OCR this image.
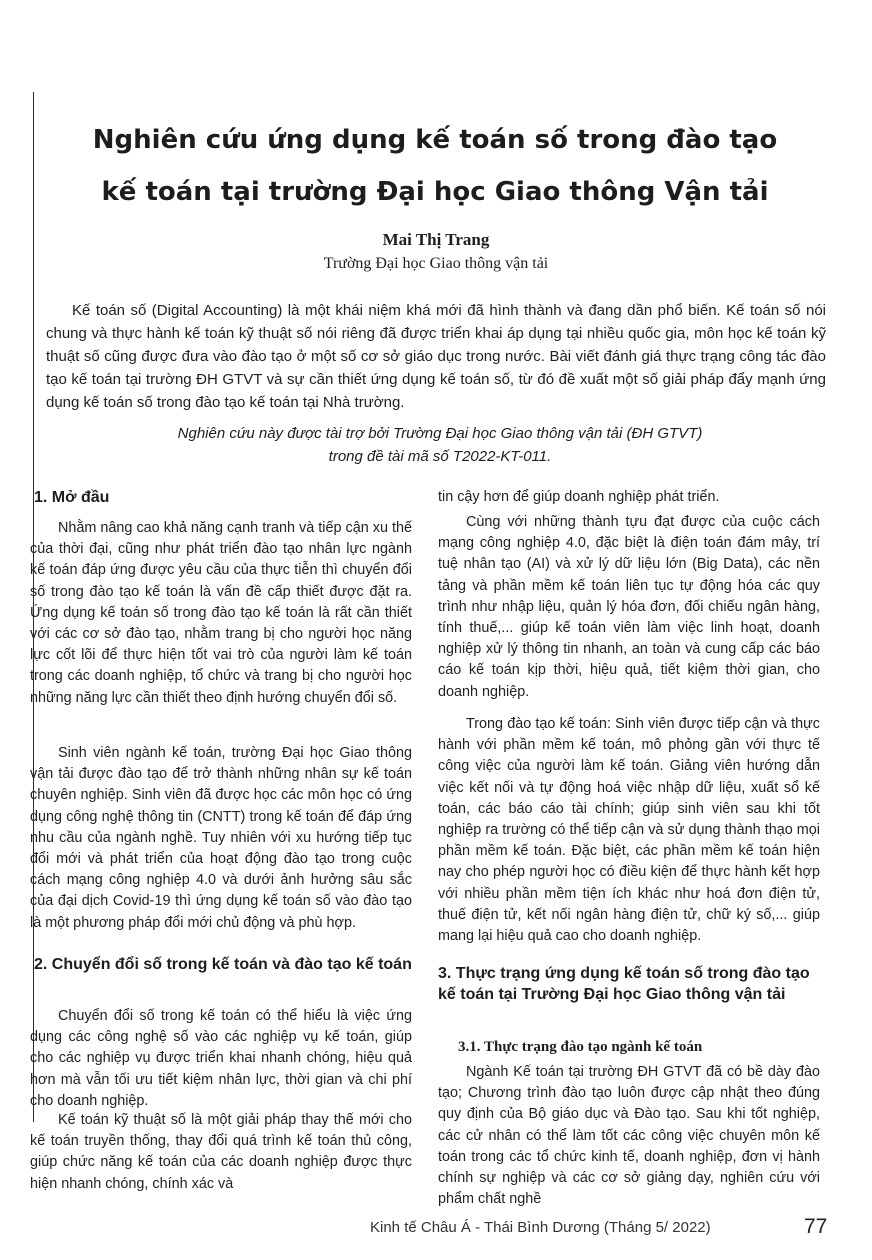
Nghiên cứu ứng dụng kế toán số trong đào tạo
kế toán tại trường Đại học Giao thông Vận tải
Mai Thị Trang
Trường Đại học Giao thông vận tải

Kế toán số (Digital Accounting) là một khái niệm khá mới đã hình thành và đang dần phổ biến. Kế toán số nói chung và thực hành kế toán kỹ thuật số nói riêng đã được triển khai áp dụng tại nhiều quốc gia, môn học kế toán kỹ thuật số cũng được đưa vào đào tạo ở một số cơ sở giáo dục trong nước. Bài viết đánh giá thực trạng công tác đào tạo kế toán tại trường ĐH GTVT và sự cần thiết ứng dụng kế toán số, từ đó đề xuất một số giải pháp đẩy mạnh ứng dụng kế toán số trong đào tạo kế toán tại Nhà trường.

Nghiên cứu này được tài trợ bởi Trường Đại học Giao thông vận tải (ĐH GTVT)
trong đề tài mã số T2022-KT-011.
1. Mở đầu

Nhằm nâng cao khả năng cạnh tranh và tiếp cận xu thế của thời đại, cũng như phát triển đào tạo nhân lực ngành kế toán đáp ứng được yêu cầu của thực tiễn thì chuyển đổi số trong đào tạo kế toán là vấn đề cấp thiết được đặt ra. Ứng dụng kế toán số trong đào tạo kế toán là rất cần thiết với các cơ sở đào tạo, nhằm trang bị cho người học năng lực cốt lõi để thực hiện tốt vai trò của người làm kế toán trong các doanh nghiệp, tổ chức và trang bị cho người học những năng lực cần thiết theo định hướng chuyển đổi số.

Sinh viên ngành kế toán, trường Đại học Giao thông vận tải được đào tạo để trở thành những nhân sự kế toán chuyên nghiệp. Sinh viên đã được học các môn học có ứng dụng công nghệ thông tin (CNTT) trong kế toán để đáp ứng nhu cầu của ngành nghề. Tuy nhiên với xu hướng tiếp tục đổi mới và phát triển của hoạt động đào tạo trong cuộc cách mạng công nghiệp 4.0 và dưới ảnh hưởng sâu sắc của đại dịch Covid-19 thì ứng dụng kế toán số vào đào tạo là một phương pháp đổi mới chủ động và phù hợp.

2. Chuyển đổi số trong kế toán và đào tạo kế toán

Chuyển đổi số trong kế toán có thể hiểu là việc ứng dụng các công nghệ số vào các nghiệp vụ kế toán, giúp cho các nghiệp vụ được triển khai nhanh chóng, hiệu quả hơn mà vẫn tối ưu tiết kiệm nhân lực, thời gian và chi phí cho doanh nghiệp.

Kế toán kỹ thuật số là một giải pháp thay thế mới cho kế toán truyền thống, thay đổi quá trình kế toán thủ công, giúp chức năng kế toán của các doanh nghiệp được thực hiện nhanh chóng, chính xác và

tin cậy hơn để giúp doanh nghiệp phát triển.

Cùng với những thành tựu đạt được của cuộc cách mạng công nghiệp 4.0, đặc biệt là điện toán đám mây, trí tuệ nhân tạo (AI) và xử lý dữ liệu lớn (Big Data), các nền tảng và phần mềm kế toán liên tục tự động hóa các quy trình như nhập liệu, quản lý hóa đơn, đối chiếu ngân hàng, tính thuế,... giúp kế toán viên làm việc linh hoạt, doanh nghiệp xử lý thông tin nhanh, an toàn và cung cấp các báo cáo kế toán kịp thời, hiệu quả, tiết kiệm thời gian, cho doanh nghiệp.

Trong đào tạo kế toán: Sinh viên được tiếp cận và thực hành với phần mềm kế toán, mô phỏng gần với thực tế công việc của người làm kế toán. Giảng viên hướng dẫn việc kết nối và tự động hoá việc nhập dữ liệu, xuất sổ kế toán, các báo cáo tài chính; giúp sinh viên sau khi tốt nghiệp ra trường có thể tiếp cận và sử dụng thành thạo mọi phần mềm kế toán. Đặc biệt, các phần mềm kế toán hiện nay cho phép người học có điều kiện để thực hành kết hợp với nhiều phần mềm tiện ích khác như hoá đơn điện tử, thuế điện tử, kết nối ngân hàng điện tử, chữ ký số,... giúp mang lại hiệu quả cao cho doanh nghiệp.

3. Thực trạng ứng dụng kế toán số trong đào tạo kế toán tại Trường Đại học Giao thông vận tải
3.1. Thực trạng đào tạo ngành kế toán

Ngành Kế toán tại trường ĐH GTVT đã có bề dày đào tạo; Chương trình đào tạo luôn được cập nhật theo đúng quy định của Bộ giáo dục và Đào tạo. Sau khi tốt nghiệp, các cử nhân có thể làm tốt các công việc chuyên môn kế toán trong các tổ chức kinh tế, doanh nghiệp, đơn vị hành chính sự nghiệp và các cơ sở giảng dạy, nghiên cứu với phẩm chất nghề

Kinh tế Châu Á - Thái Bình Dương (Tháng 5/ 2022)	77
